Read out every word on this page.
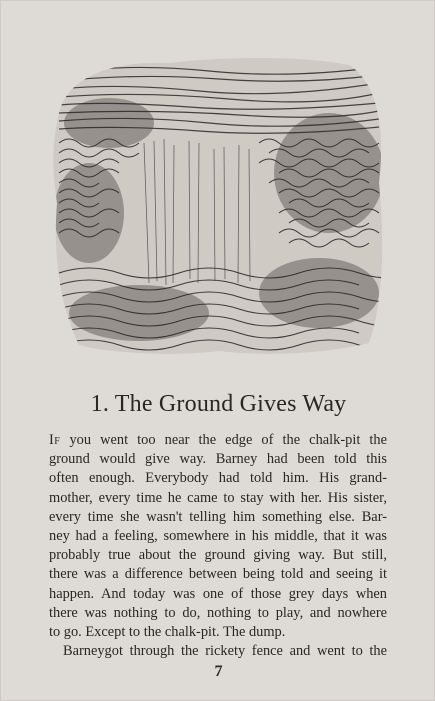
1. The Ground Gives Way
If you went too near the edge of the chalk-pit the
ground would give way. Barney had been told this
often enough. Everybody had told him. His grand-
mother, every time he came to stay with her. His sister,
every time she wasn't telling him something else. Bar-
ney had a feeling, somewhere in his middle, that it was
probably true about the ground giving way. But still,
there was a difference between being told and seeing it
happen. And today was one of those grey days when
there was nothing to do, nothing to play, and nowhere
to go. Except to the chalk-pit. The dump.
Barneygot through the rickety fence and went to the
7
